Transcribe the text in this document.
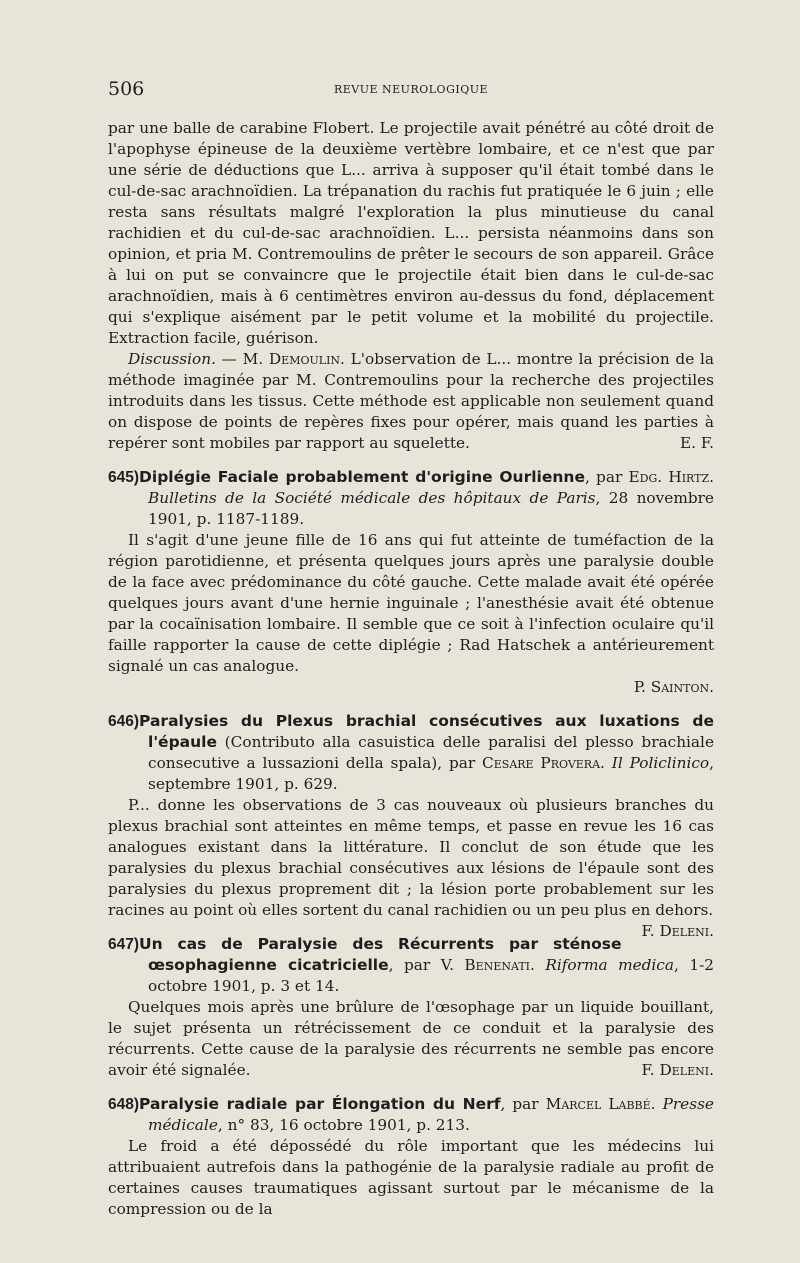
506	REVUE NEUROLOGIQUE

par une balle de carabine Flobert. Le projectile avait pénétré au côté droit de l'apophyse épineuse de la deuxième vertèbre lombaire, et ce n'est que par une série de déductions que L... arriva à supposer qu'il était tombé dans le cul-de-sac arachnoïdien. La trépanation du rachis fut pratiquée le 6 juin ; elle resta sans résultats malgré l'exploration la plus minutieuse du canal rachidien et du cul-de-sac arachnoïdien. L... persista néanmoins dans son opinion, et pria M. Contremoulins de prêter le secours de son appareil. Grâce à lui on put se convaincre que le projectile était bien dans le cul-de-sac arachnoïdien, mais à 6 centimètres environ au-dessus du fond, déplacement qui s'explique aisément par le petit volume et la mobilité du projectile. Extraction facile, guérison.

Discussion. — M. Demoulin. L'observation de L... montre la précision de la méthode imaginée par M. Contremoulins pour la recherche des projectiles introduits dans les tissus. Cette méthode est applicable non seulement quand on dispose de points de repères fixes pour opérer, mais quand les parties à repérer sont mobiles par rapport au squelette.	E. F.

645)Diplégie Faciale probablement d'origine Ourlienne, par Edg. Hirtz. Bulletins de la Société médicale des hôpitaux de Paris, 28 novembre 1901, p. 1187-1189.

Il s'agit d'une jeune fille de 16 ans qui fut atteinte de tuméfaction de la région parotidienne, et présenta quelques jours après une paralysie double de la face avec prédominance du côté gauche. Cette malade avait été opérée quelques jours avant d'une hernie inguinale ; l'anesthésie avait été obtenue par la cocaïnisation lombaire. Il semble que ce soit à l'infection oculaire qu'il faille rapporter la cause de cette diplégie ; Rad Hatschek a antérieurement signalé un cas analogue.

P. Sainton.

646)Paralysies du Plexus brachial consécutives aux luxations de l'épaule (Contributo alla casuistica delle paralisi del plesso brachiale consecutive a lussazioni della spala), par Cesare Provera. Il Policlinico, septembre 1901, p. 629.

P... donne les observations de 3 cas nouveaux où plusieurs branches du plexus brachial sont atteintes en même temps, et passe en revue les 16 cas analogues existant dans la littérature. Il conclut de son étude que les paralysies du plexus brachial consécutives aux lésions de l'épaule sont des paralysies du plexus proprement dit ; la lésion porte probablement sur les racines au point où elles sortent du canal rachidien ou un peu plus en dehors.
F. Deleni.

647)Un cas de Paralysie des Récurrents par sténose œsophagienne cicatricielle, par V. Benenati. Riforma medica, 1-2 octobre 1901, p. 3 et 14.

Quelques mois après une brûlure de l'œsophage par un liquide bouillant, le sujet présenta un rétrécissement de ce conduit et la paralysie des récurrents. Cette cause de la paralysie des récurrents ne semble pas encore avoir été signalée.	F. Deleni.

648)Paralysie radiale par Élongation du Nerf, par Marcel Labbé. Presse médicale, n° 83, 16 octobre 1901, p. 213.

Le froid a été dépossédé du rôle important que les médecins lui attribuaient autrefois dans la pathogénie de la paralysie radiale au profit de certaines causes traumatiques agissant surtout par le mécanisme de la compression ou de la
